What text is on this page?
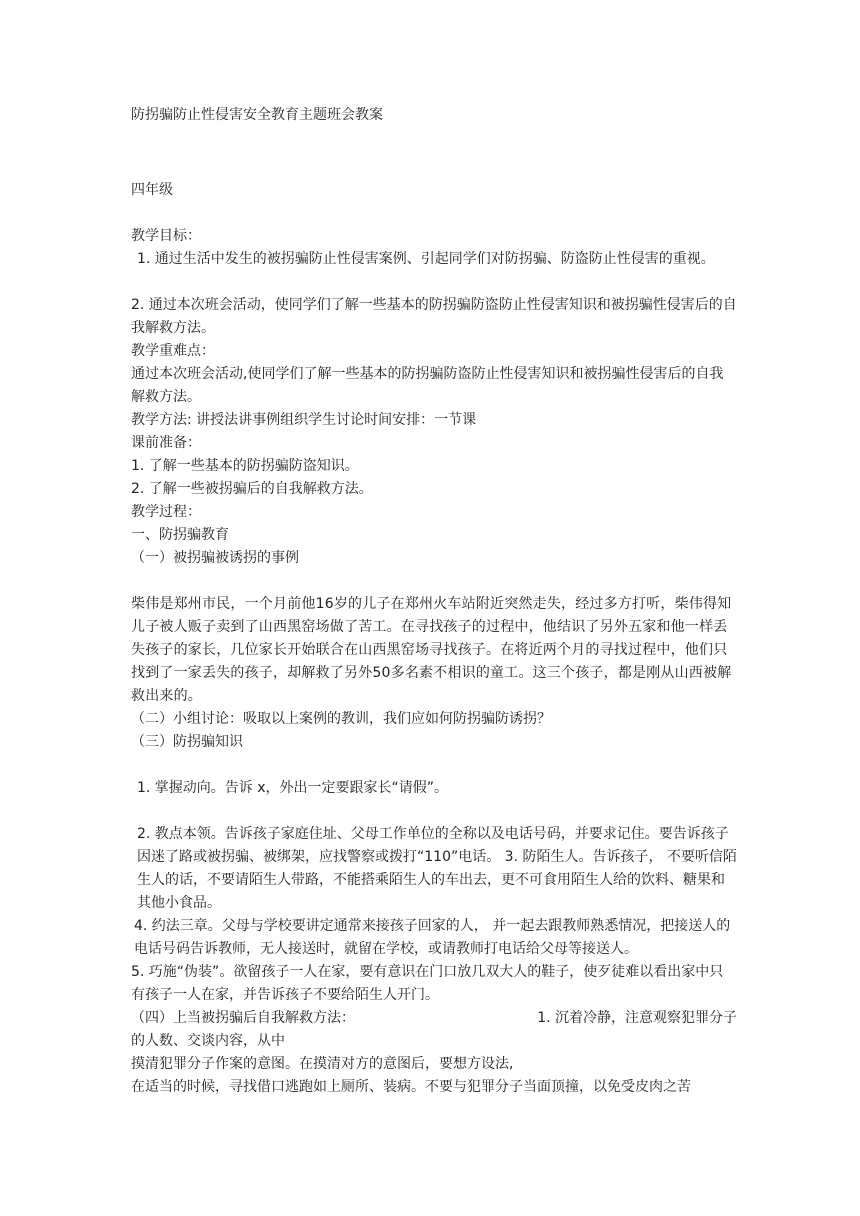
防拐骗防止性侵害安全教育主题班会教案

四年级

教学目标：

1. 通过生活中发生的被拐骗防止性侵害案例、引起同学们对防拐骗、防盗防止性侵害的重视。

2. 通过本次班会活动，使同学们了解一些基本的防拐骗防盗防止性侵害知识和被拐骗性侵害后的自我解救方法。

教学重难点：

通过本次班会活动,使同学们了解一些基本的防拐骗防盗防止性侵害知识和被拐骗性侵害后的自我解救方法。

教学方法: 讲授法讲事例组织学生讨论时间安排：一节课

课前准备：

1. 了解一些基本的防拐骗防盗知识。

2. 了解一些被拐骗后的自我解救方法。

教学过程：

一、防拐骗教育

（一）被拐骗被诱拐的事例

柴伟是郑州市民，一个月前他16岁的儿子在郑州火车站附近突然走失，经过多方打听，柴伟得知儿子被人贩子卖到了山西黑窑场做了苦工。在寻找孩子的过程中，他结识了另外五家和他一样丢失孩子的家长，几位家长开始联合在山西黑窑场寻找孩子。在将近两个月的寻找过程中，他们只找到了一家丢失的孩子，却解救了另外50多名素不相识的童工。这三个孩子，都是刚从山西被解救出来的。

（二）小组讨论：吸取以上案例的教训，我们应如何防拐骗防诱拐？

（三）防拐骗知识

1. 掌握动向。告诉 x，外出一定要跟家长“请假”。

2. 教点本领。告诉孩子家庭住址、父母工作单位的全称以及电话号码，并要求记住。要告诉孩子因迷了路或被拐骗、被绑架，应找警察或拨打“110”电话。 3. 防陌生人。告诉孩子， 不要听信陌生人的话，不要请陌生人带路，不能搭乘陌生人的车出去，更不可食用陌生人给的饮料、糖果和其他小食品。

4. 约法三章。父母与学校要讲定通常来接孩子回家的人， 并一起去跟教师熟悉情况，把接送人的电话号码告诉教师，无人接送时，就留在学校，或请教师打电话给父母等接送人。

5. 巧施“伪装”。欲留孩子一人在家，要有意识在门口放几双大人的鞋子，使歹徒难以看出家中只有孩子一人在家，并告诉孩子不要给陌生人开门。

（四）上当被拐骗后自我解救方法：	1. 沉着冷静，注意观察犯罪分子

的人数、交谈内容，从中

摸清犯罪分子作案的意图。在摸清对方的意图后，要想方设法,

在适当的时候，寻找借口逃跑如上厕所、装病。不要与犯罪分子当面顶撞，以免受皮肉之苦
